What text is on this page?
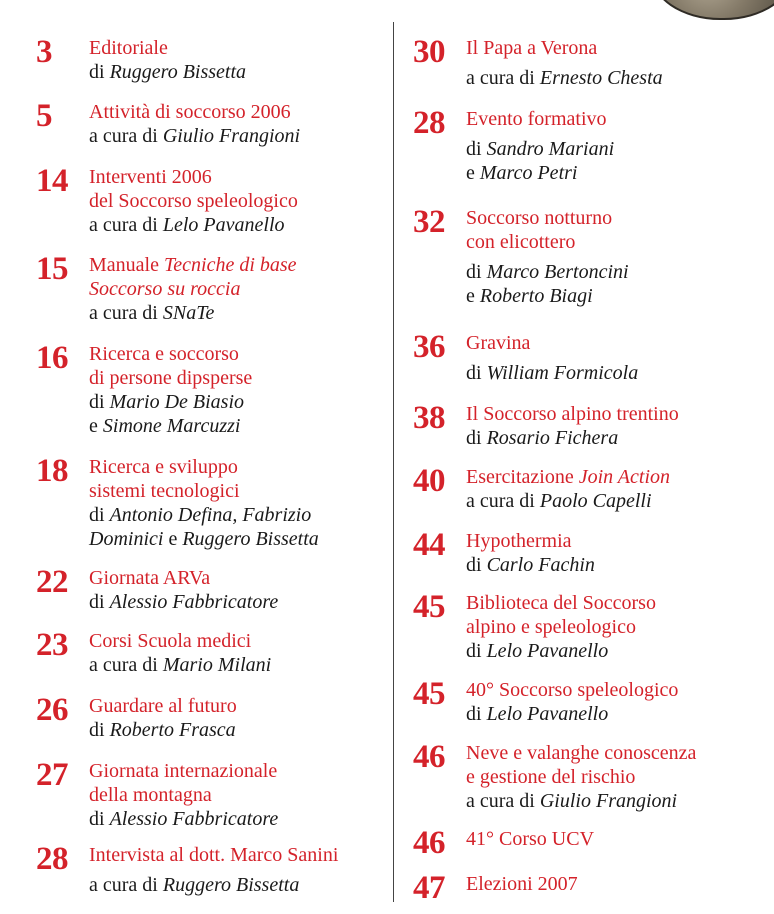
3 Editoriale
di Ruggero Bissetta
5 Attività di soccorso 2006
a cura di Giulio Frangioni
14 Interventi 2006
del Soccorso speleologico
a cura di Lelo Pavanello
15 Manuale Tecniche di base
Soccorso su roccia
a cura di SNaTe
16 Ricerca e soccorso
di persone dipsperse
di Mario De Biasio
e Simone Marcuzzi
18 Ricerca e sviluppo
sistemi tecnologici
di Antonio Defina, Fabrizio
Dominici e Ruggero Bissetta
22 Giornata ARVa
di Alessio Fabbricatore
23 Corsi Scuola medici
a cura di Mario Milani
26 Guardare al futuro
di Roberto Frasca
27 Giornata internazionale
della montagna
di Alessio Fabbricatore
28 Intervista al dott. Marco Sanini
a cura di Ruggero Bissetta
30 Il Papa a Verona
a cura di Ernesto Chesta
28 Evento formativo
di Sandro Mariani
e Marco Petri
32 Soccorso notturno
con elicottero
di Marco Bertoncini
e Roberto Biagi
36 Gravina
di William Formicola
38 Il Soccorso alpino trentino
di Rosario Fichera
40 Esercitazione Join Action
a cura di Paolo Capelli
44 Hypothermia
di Carlo Fachin
45 Biblioteca del Soccorso
alpino e speleologico
di Lelo Pavanello
45 40° Soccorso speleologico
di Lelo Pavanello
46 Neve e valanghe conoscenza
e gestione del rischio
a cura di Giulio Frangioni
46 41° Corso UCV
47 Elezioni 2007
